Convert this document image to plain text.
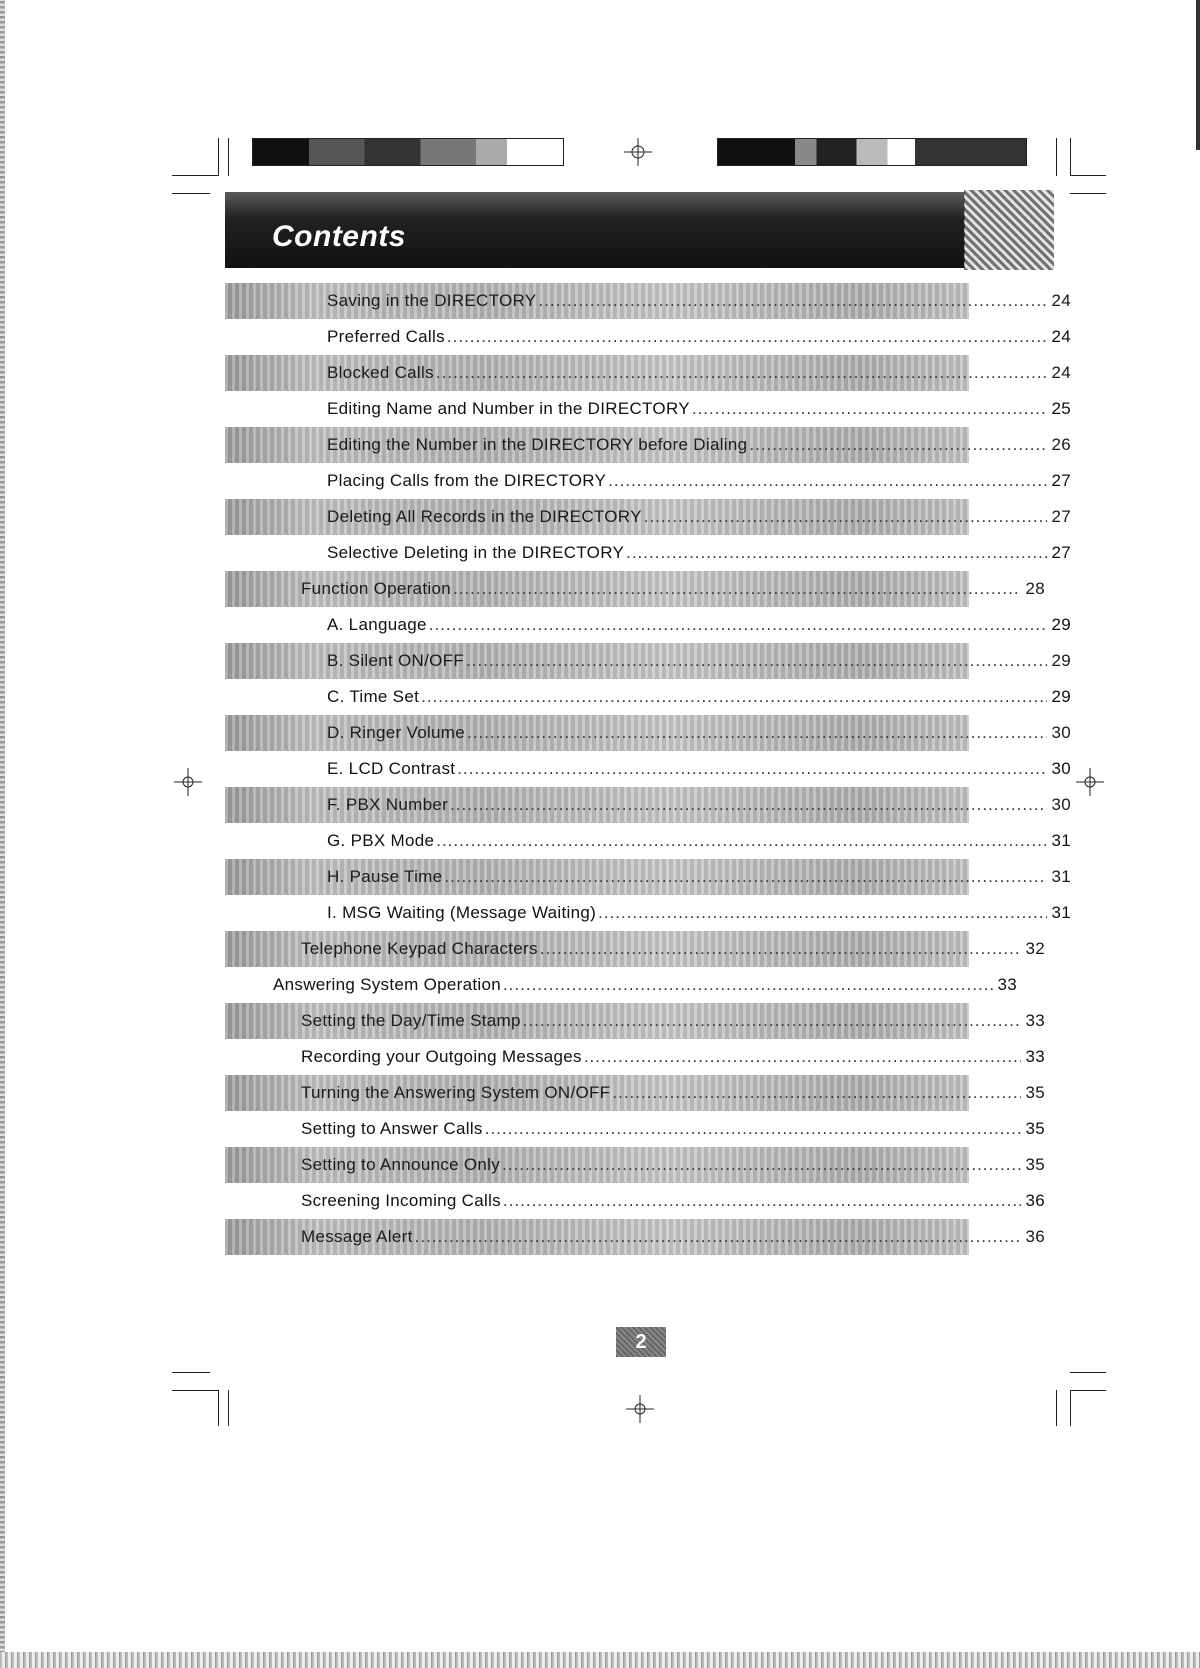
Contents
Saving in the DIRECTORY .....	24
Preferred Calls .....	24
Blocked Calls .....	24
Editing Name and Number in the DIRECTORY .....	25
Editing the Number in the DIRECTORY before Dialing .....	26
Placing Calls from the DIRECTORY .....	27
Deleting All Records in the DIRECTORY .....	27
Selective Deleting in the DIRECTORY .....	27
Function Operation .....	28
A. Language .....	29
B. Silent ON/OFF .....	29
C. Time Set .....	29
D. Ringer Volume .....	30
E. LCD Contrast .....	30
F. PBX Number .....	30
G. PBX Mode .....	31
H. Pause Time .....	31
I. MSG Waiting (Message Waiting) .....	31
Telephone Keypad Characters .....	32
Answering System Operation .....	33
Setting the Day/Time Stamp .....	33
Recording your Outgoing Messages .....	33
Turning the Answering System ON/OFF .....	35
Setting to Answer Calls .....	35
Setting to Announce Only .....	35
Screening Incoming Calls .....	36
Message Alert .....	36
2
